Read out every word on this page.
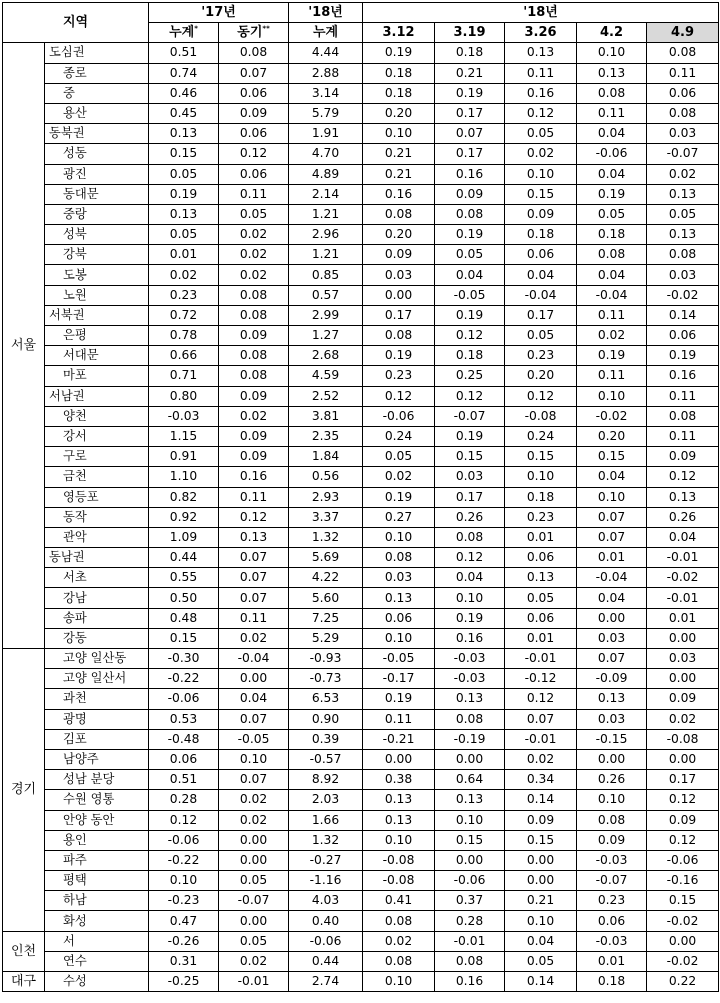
지역		'17년		'18년	'18년				
		누계*	동기**	누계	3.12	3.19	3.26	4.2	4.9
서울	도심권	0.51	0.08	4.44	0.19	0.18	0.13	0.10	0.08
	종로	0.74	0.07	2.88	0.18	0.21	0.11	0.13	0.11
	중	0.46	0.06	3.14	0.18	0.19	0.16	0.08	0.06
	용산	0.45	0.09	5.79	0.20	0.17	0.12	0.11	0.08
	동북권	0.13	0.06	1.91	0.10	0.07	0.05	0.04	0.03
	성동	0.15	0.12	4.70	0.21	0.17	0.02	-0.06	-0.07
	광진	0.05	0.06	4.89	0.21	0.16	0.10	0.04	0.02
	동대문	0.19	0.11	2.14	0.16	0.09	0.15	0.19	0.13
	중랑	0.13	0.05	1.21	0.08	0.08	0.09	0.05	0.05
	성북	0.05	0.02	2.96	0.20	0.19	0.18	0.18	0.13
	강북	0.01	0.02	1.21	0.09	0.05	0.06	0.08	0.08
	도봉	0.02	0.02	0.85	0.03	0.04	0.04	0.04	0.03
	노원	0.23	0.08	0.57	0.00	-0.05	-0.04	-0.04	-0.02
	서북권	0.72	0.08	2.99	0.17	0.19	0.17	0.11	0.14
	은평	0.78	0.09	1.27	0.08	0.12	0.05	0.02	0.06
	서대문	0.66	0.08	2.68	0.19	0.18	0.23	0.19	0.19
	마포	0.71	0.08	4.59	0.23	0.25	0.20	0.11	0.16
	서남권	0.80	0.09	2.52	0.12	0.12	0.12	0.10	0.11
	양천	-0.03	0.02	3.81	-0.06	-0.07	-0.08	-0.02	0.08
	강서	1.15	0.09	2.35	0.24	0.19	0.24	0.20	0.11
	구로	0.91	0.09	1.84	0.05	0.15	0.15	0.15	0.09
	금천	1.10	0.16	0.56	0.02	0.03	0.10	0.04	0.12
	영등포	0.82	0.11	2.93	0.19	0.17	0.18	0.10	0.13
	동작	0.92	0.12	3.37	0.27	0.26	0.23	0.07	0.26
	관악	1.09	0.13	1.32	0.10	0.08	0.01	0.07	0.04
	동남권	0.44	0.07	5.69	0.08	0.12	0.06	0.01	-0.01
	서초	0.55	0.07	4.22	0.03	0.04	0.13	-0.04	-0.02
	강남	0.50	0.07	5.60	0.13	0.10	0.05	0.04	-0.01
	송파	0.48	0.11	7.25	0.06	0.19	0.06	0.00	0.01
	강동	0.15	0.02	5.29	0.10	0.16	0.01	0.03	0.00
경기	고양 일산동	-0.30	-0.04	-0.93	-0.05	-0.03	-0.01	0.07	0.03
	고양 일산서	-0.22	0.00	-0.73	-0.17	-0.03	-0.12	-0.09	0.00
	과천	-0.06	0.04	6.53	0.19	0.13	0.12	0.13	0.09
	광명	0.53	0.07	0.90	0.11	0.08	0.07	0.03	0.02
	김포	-0.48	-0.05	0.39	-0.21	-0.19	-0.01	-0.15	-0.08
	남양주	0.06	0.10	-0.57	0.00	0.00	0.02	0.00	0.00
	성남 분당	0.51	0.07	8.92	0.38	0.64	0.34	0.26	0.17
	수원 영통	0.28	0.02	2.03	0.13	0.13	0.14	0.10	0.12
	안양 동안	0.12	0.02	1.66	0.13	0.10	0.09	0.08	0.09
	용인	-0.06	0.00	1.32	0.10	0.15	0.15	0.09	0.12
	파주	-0.22	0.00	-0.27	-0.08	0.00	0.00	-0.03	-0.06
	평택	0.10	0.05	-1.16	-0.08	-0.06	0.00	-0.07	-0.16
	하남	-0.23	-0.07	4.03	0.41	0.37	0.21	0.23	0.15
	화성	0.47	0.00	0.40	0.08	0.28	0.10	0.06	-0.02
인천	서	-0.26	0.05	-0.06	0.02	-0.01	0.04	-0.03	0.00
	연수	0.31	0.02	0.44	0.08	0.08	0.05	0.01	-0.02
대구	수성	-0.25	-0.01	2.74	0.10	0.16	0.14	0.18	0.22
